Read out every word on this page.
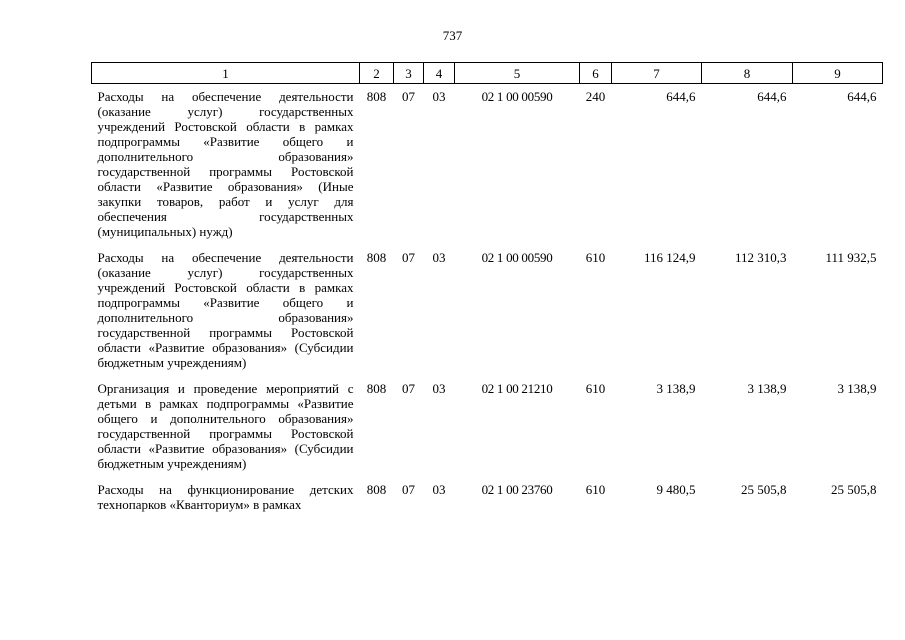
737
1	2	3	4	5	6	7	8	9
Расходы на обеспечение деятельности (оказание услуг) государственных учреждений Ростовской области в рамках подпрограммы «Развитие общего и дополнительного образования» государственной программы Ростовской области «Развитие образования» (Иные закупки товаров, работ и услуг для обеспечения государственных (муниципальных) нужд)	808	07	03	02 1 00 00590	240	644,6	644,6	644,6
Расходы на обеспечение деятельности (оказание услуг) государственных учреждений Ростовской области в рамках подпрограммы «Развитие общего и дополнительного образования» государственной программы Ростовской области «Развитие образования» (Субсидии бюджетным учреждениям)	808	07	03	02 1 00 00590	610	116 124,9	112 310,3	111 932,5
Организация и проведение мероприятий с детьми в рамках подпрограммы «Развитие общего и дополнительного образования» государственной программы Ростовской области «Развитие образования» (Субсидии бюджетным учреждениям)	808	07	03	02 1 00 21210	610	3 138,9	3 138,9	3 138,9
Расходы на функционирование детских технопарков «Кванториум» в рамках	808	07	03	02 1 00 23760	610	9 480,5	25 505,8	25 505,8
